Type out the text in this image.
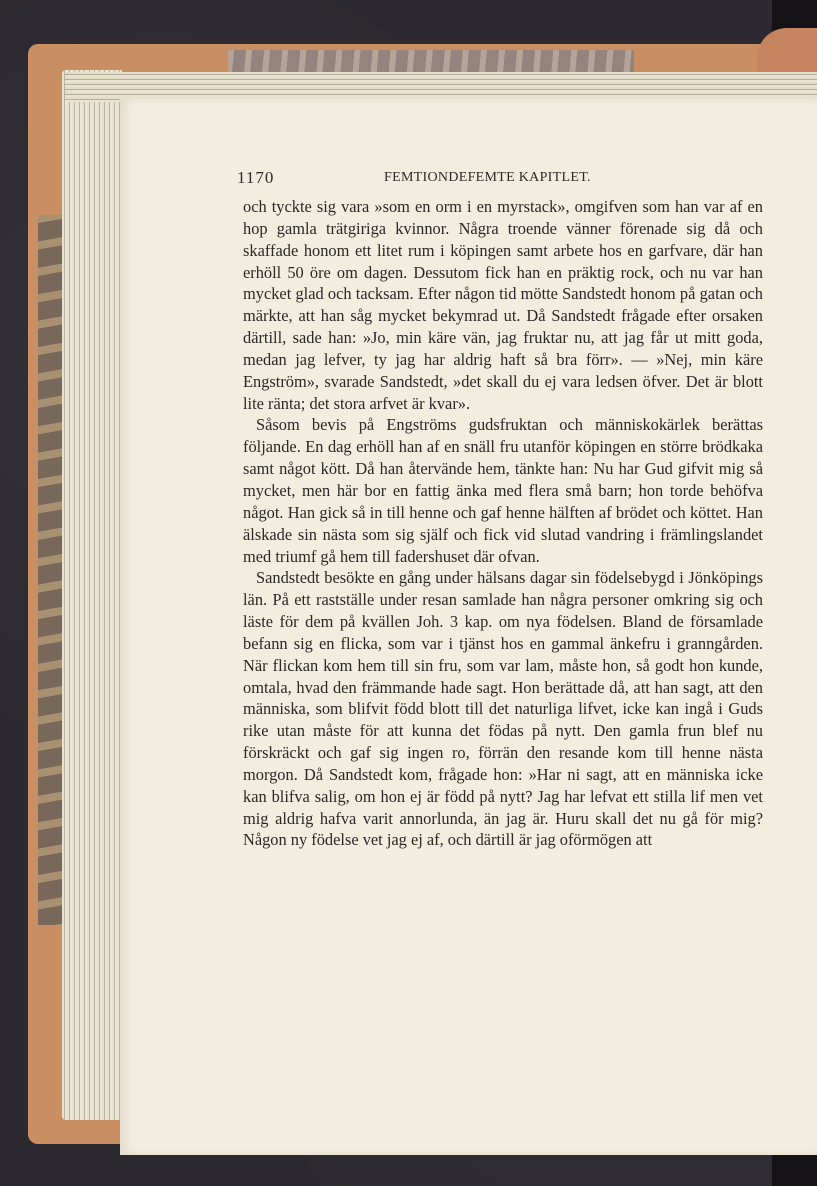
1170	FEMTIONDEFEMTE KAPITLET.

och tyckte sig vara »som en orm i en myrstack», omgifven som han var af en hop gamla trätgiriga kvinnor. Några troende vänner förenade sig då och skaffade honom ett litet rum i köpingen samt arbete hos en garfvare, där han erhöll 50 öre om dagen. Dessutom fick han en präktig rock, och nu var han mycket glad och tacksam. Efter någon tid mötte Sandstedt honom på gatan och märkte, att han såg mycket bekymrad ut. Då Sandstedt frågade efter orsaken därtill, sade han: »Jo, min käre vän, jag fruktar nu, att jag får ut mitt goda, medan jag lefver, ty jag har aldrig haft så bra förr». — »Nej, min käre Engström», svarade Sandstedt, »det skall du ej vara ledsen öfver. Det är blott lite ränta; det stora arfvet är kvar».

Såsom bevis på Engströms gudsfruktan och människokärlek berättas följande. En dag erhöll han af en snäll fru utanför köpingen en större brödkaka samt något kött. Då han återvände hem, tänkte han: Nu har Gud gifvit mig så mycket, men här bor en fattig änka med flera små barn; hon torde behöfva något. Han gick så in till henne och gaf henne hälften af brödet och köttet. Han älskade sin nästa som sig själf och fick vid slutad vandring i främlingslandet med triumf gå hem till fadershuset där ofvan.

Sandstedt besökte en gång under hälsans dagar sin födelsebygd i Jönköpings län. På ett rastställe under resan samlade han några personer omkring sig och läste för dem på kvällen Joh. 3 kap. om nya födelsen. Bland de församlade befann sig en flicka, som var i tjänst hos en gammal änkefru i granngården. När flickan kom hem till sin fru, som var lam, måste hon, så godt hon kunde, omtala, hvad den främmande hade sagt. Hon berättade då, att han sagt, att den människa, som blifvit född blott till det naturliga lifvet, icke kan ingå i Guds rike utan måste för att kunna det födas på nytt. Den gamla frun blef nu förskräckt och gaf sig ingen ro, förrän den resande kom till henne nästa morgon. Då Sandstedt kom, frågade hon: »Har ni sagt, att en människa icke kan blifva salig, om hon ej är född på nytt? Jag har lefvat ett stilla lif men vet mig aldrig hafva varit annorlunda, än jag är. Huru skall det nu gå för mig? Någon ny födelse vet jag ej af, och därtill är jag oförmögen att
